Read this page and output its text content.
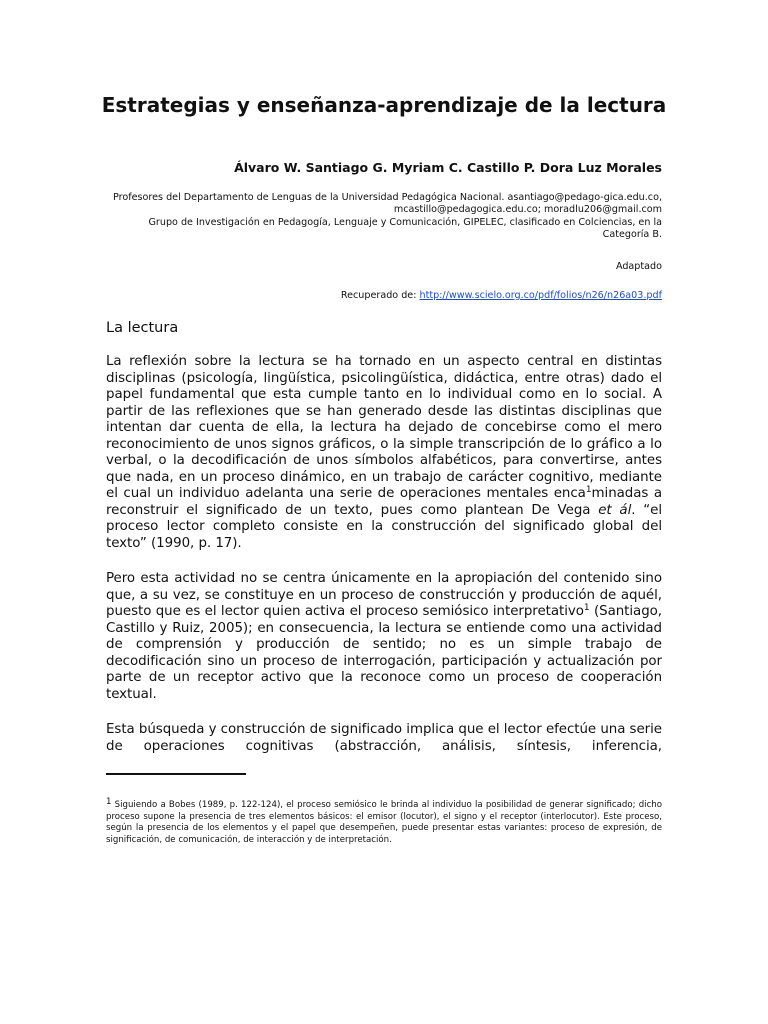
Estrategias y enseñanza-aprendizaje de la lectura
Álvaro W. Santiago G. Myriam C. Castillo P. Dora Luz Morales

Profesores del Departamento de Lenguas de la Universidad Pedagógica Nacional. asantiago@pedago-gica.edu.co, mcastillo@pedagogica.edu.co; moradlu206@gmail.com

Grupo de Investigación en Pedagogía, Lenguaje y Comunicación, GIPELEC, clasificado en Colciencias, en la Categoría B.

Adaptado
Recuperado de: http://www.scielo.org.co/pdf/folios/n26/n26a03.pdf
La lectura

La reflexión sobre la lectura se ha tornado en un aspecto central en distintas disciplinas (psicología, lingüística, psicolingüística, didáctica, entre otras) dado el papel fundamental que esta cumple tanto en lo individual como en lo social. A partir de las reflexiones que se han generado desde las distintas disciplinas que intentan dar cuenta de ella, la lectura ha dejado de concebirse como el mero reconocimiento de unos signos gráficos, o la simple transcripción de lo gráfico a lo verbal, o la decodificación de unos símbolos alfabéticos, para convertirse, antes que nada, en un proceso dinámico, en un trabajo de carácter cognitivo, mediante el cual un individuo adelanta una serie de operaciones mentales enca$^1$minadas a reconstruir el significado de un texto, pues como plantean De Vega et ál. “el proceso lector completo consiste en la construcción del significado global del texto” (1990, p. 17).

Pero esta actividad no se centra únicamente en la apropiación del contenido sino que, a su vez, se constituye en un proceso de construcción y producción de aquél, puesto que es el lector quien activa el proceso semiósico interpretativo$^1$ (Santiago, Castillo y Ruiz, 2005); en consecuencia, la lectura se entiende como una actividad de comprensión y producción de sentido; no es un simple trabajo de decodificación sino un proceso de interrogación, participación y actualización por parte de un receptor activo que la reconoce como un proceso de cooperación textual.

Esta búsqueda y construcción de significado implica que el lector efectúe una serie de operaciones cognitivas (abstracción, análisis, síntesis, inferencia,

$^1$ Siguiendo a Bobes (1989, p. 122-124), el proceso semiósico le brinda al individuo la posibilidad de generar significado; dicho proceso supone la presencia de tres elementos básicos: el emisor (locutor), el signo y el receptor (interlocutor). Este proceso, según la presencia de los elementos y el papel que desempeñen, puede presentar estas variantes: proceso de expresión, de significación, de comunicación, de interacción y de interpretación.
